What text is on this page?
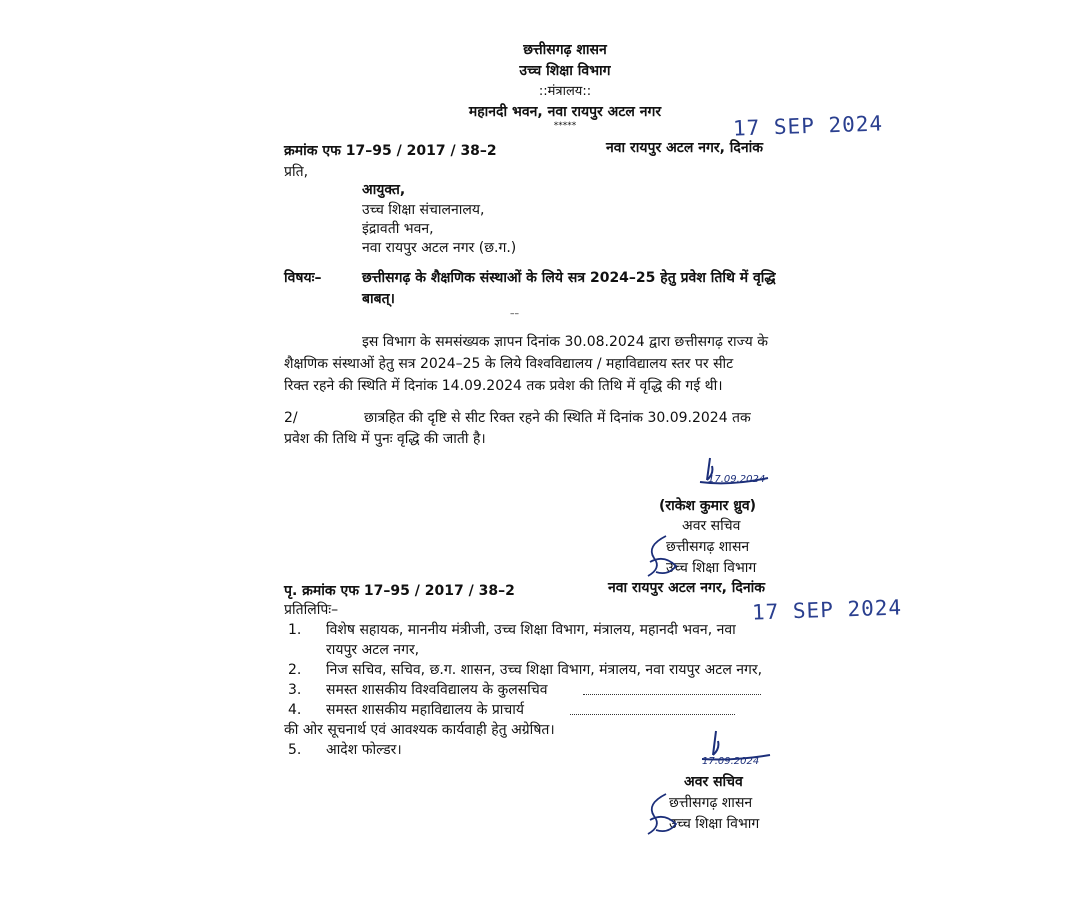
छत्तीसगढ़ शासन
उच्च शिक्षा विभाग
::मंत्रालय::
महानदी भवन, नवा रायपुर अटल नगर
*****
क्रमांक एफ 17–95 / 2017 / 38–2	नवा रायपुर अटल नगर, दिनांक
17 SEP 2024
प्रति,
आयुक्त,
उच्च शिक्षा संचालनालय,
इंद्रावती भवन,
नवा रायपुर अटल नगर (छ.ग.)
विषयः–	छत्तीसगढ़ के शैक्षणिक संस्थाओं के लिये सत्र 2024–25 हेतु प्रवेश तिथि में वृद्धि
बाबत्।
––
इस विभाग के समसंख्यक ज्ञापन दिनांक 30.08.2024 द्वारा छत्तीसगढ़ राज्य के
शैक्षणिक संस्थाओं हेतु सत्र 2024–25 के लिये विश्वविद्यालय / महाविद्यालय स्तर पर सीट
रिक्त रहने की स्थिति में दिनांक 14.09.2024 तक प्रवेश की तिथि में वृद्धि की गई थी।
2/	छात्रहित की दृष्टि से सीट रिक्त रहने की स्थिति में दिनांक 30.09.2024 तक
प्रवेश की तिथि में पुनः वृद्धि की जाती है।
17.09.2024
(राकेश कुमार ध्रुव)
अवर सचिव
छत्तीसगढ़ शासन
उच्च शिक्षा विभाग
पृ. क्रमांक एफ 17–95 / 2017 / 38–2	नवा रायपुर अटल नगर, दिनांक
17 SEP 2024
प्रतिलिपिः–
1. विशेष सहायक, माननीय मंत्रीजी, उच्च शिक्षा विभाग, मंत्रालय, महानदी भवन, नवा
रायपुर अटल नगर,
2. निज सचिव, सचिव, छ.ग. शासन, उच्च शिक्षा विभाग, मंत्रालय, नवा रायपुर अटल नगर,
3. समस्त शासकीय विश्वविद्यालय के कुलसचिव
4. समस्त शासकीय महाविद्यालय के प्राचार्य
की ओर सूचनार्थ एवं आवश्यक कार्यवाही हेतु अग्रेषित।
5. आदेश फोल्डर।
17.09.2024
अवर सचिव
छत्तीसगढ़ शासन
उच्च शिक्षा विभाग
